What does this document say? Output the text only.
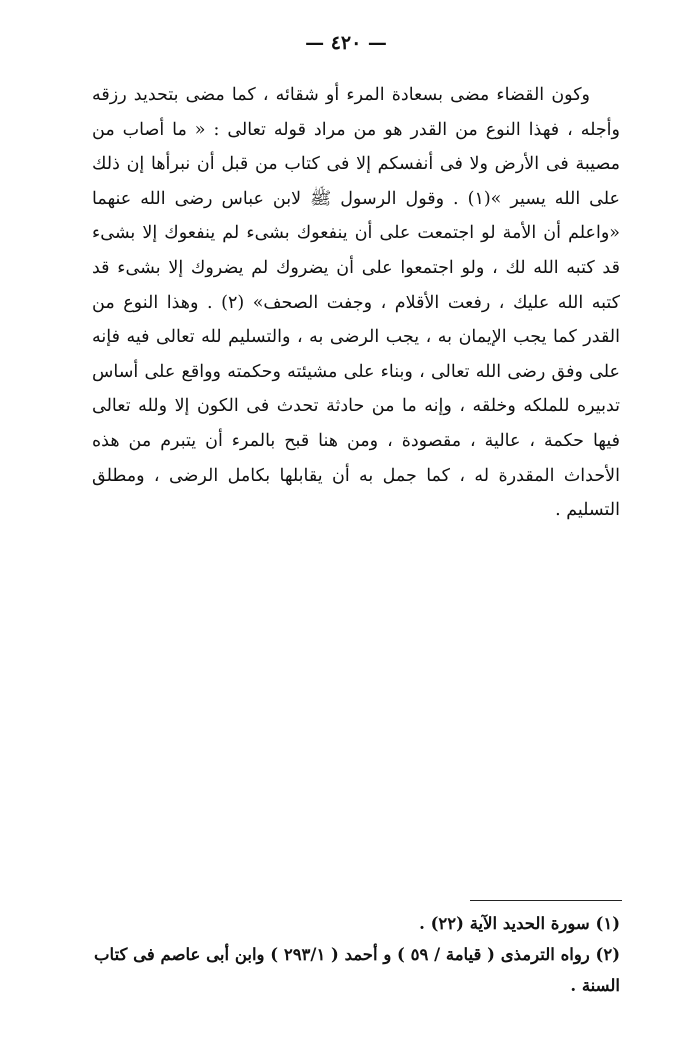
— ٤٢٠ —

وكون القضاء مضى بسعادة المرء أو شقائه ، كما مضى بتحديد رزقه وأجله ، فهذا النوع من القدر هو من مراد قوله تعالى : « ما أصاب من مصيبة فى الأرض ولا فى أنفسكم إلا فى كتاب من قبل أن نبرأها إن ذلك على الله يسير »(١) . وقول الرسول ﷺ لابن عباس رضى الله عنهما «واعلم أن الأمة لو اجتمعت على أن ينفعوك بشىء لم ينفعوك إلا بشىء قد كتبه الله لك ، ولو اجتمعوا على أن يضروك لم يضروك إلا بشىء قد كتبه الله عليك ، رفعت الأقلام ، وجفت الصحف» (٢) . وهذا النوع من القدر كما يجب الإيمان به ، يجب الرضى به ، والتسليم لله تعالى فيه فإنه على وفق رضى الله تعالى ، وبناء على مشيئته وحكمته وواقع على أساس تدبيره للملكه وخلقه ، وإنه ما من حادثة تحدث فى الكون إلا ولله تعالى فيها حكمة ، عالية ، مقصودة ، ومن هنا قبح بالمرء أن يتبرم من هذه الأحداث المقدرة له ، كما جمل به أن يقابلها بكامل الرضى ، ومطلق التسليم .

(١) سورة الحديد الآية (٢٢) .

(٢) رواه الترمذى ( قيامة / ٥٩ ) و أحمد ( ٢٩٣/١ ) وابن أبى عاصم فى كتاب السنة .
